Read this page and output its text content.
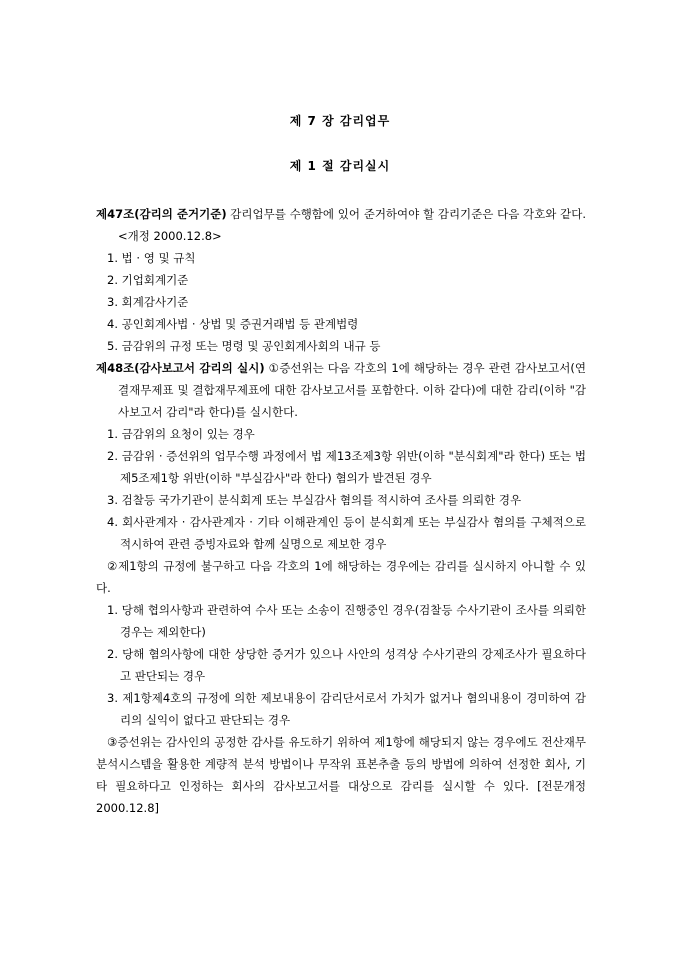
제 7 장 감리업무
제 1 절 감리실시

제47조(감리의 준거기준) 감리업무를 수행함에 있어 준거하여야 할 감리기준은 다음 각호와 같다.<개정 2000.12.8>

1. 법 · 영 및 규칙

2. 기업회계기준

3. 회계감사기준

4. 공인회계사법 · 상법 및 증권거래법 등 관계법령

5. 금감위의 규정 또는 명령 및 공인회계사회의 내규 등

제48조(감사보고서 감리의 실시) ①증선위는 다음 각호의 1에 해당하는 경우 관련 감사보고서(연결재무제표 및 결합재무제표에 대한 감사보고서를 포함한다. 이하 같다)에 대한 감리(이하 "감사보고서 감리"라 한다)를 실시한다.

1. 금감위의 요청이 있는 경우

2. 금감위 · 증선위의 업무수행 과정에서 법 제13조제3항 위반(이하 "분식회계"라 한다) 또는 법 제5조제1항 위반(이하 "부실감사"라 한다) 혐의가 발견된 경우

3. 검찰등 국가기관이 분식회계 또는 부실감사 혐의를 적시하여 조사를 의뢰한 경우

4. 회사관계자 · 감사관계자 · 기타 이해관계인 등이 분식회계 또는 부실감사 혐의를 구체적으로 적시하여 관련 증빙자료와 함께 실명으로 제보한 경우

②제1항의 규정에 불구하고 다음 각호의 1에 해당하는 경우에는 감리를 실시하지 아니할 수 있다.

1. 당해 협의사항과 관련하여 수사 또는 소송이 진행중인 경우(검찰등 수사기관이 조사를 의뢰한 경우는 제외한다)

2. 당해 혐의사항에 대한 상당한 증거가 있으나 사안의 성격상 수사기관의 강제조사가 필요하다고 판단되는 경우

3. 제1항제4호의 규정에 의한 제보내용이 감리단서로서 가치가 없거나 혐의내용이 경미하여 감리의 실익이 없다고 판단되는 경우

③증선위는 감사인의 공정한 감사를 유도하기 위하여 제1항에 해당되지 않는 경우에도 전산재무분석시스템을 활용한 계량적 분석 방법이나 무작위 표본추출 등의 방법에 의하여 선정한 회사, 기타 필요하다고 인정하는 회사의 감사보고서를 대상으로 감리를 실시할 수 있다. [전문개정 2000.12.8]
